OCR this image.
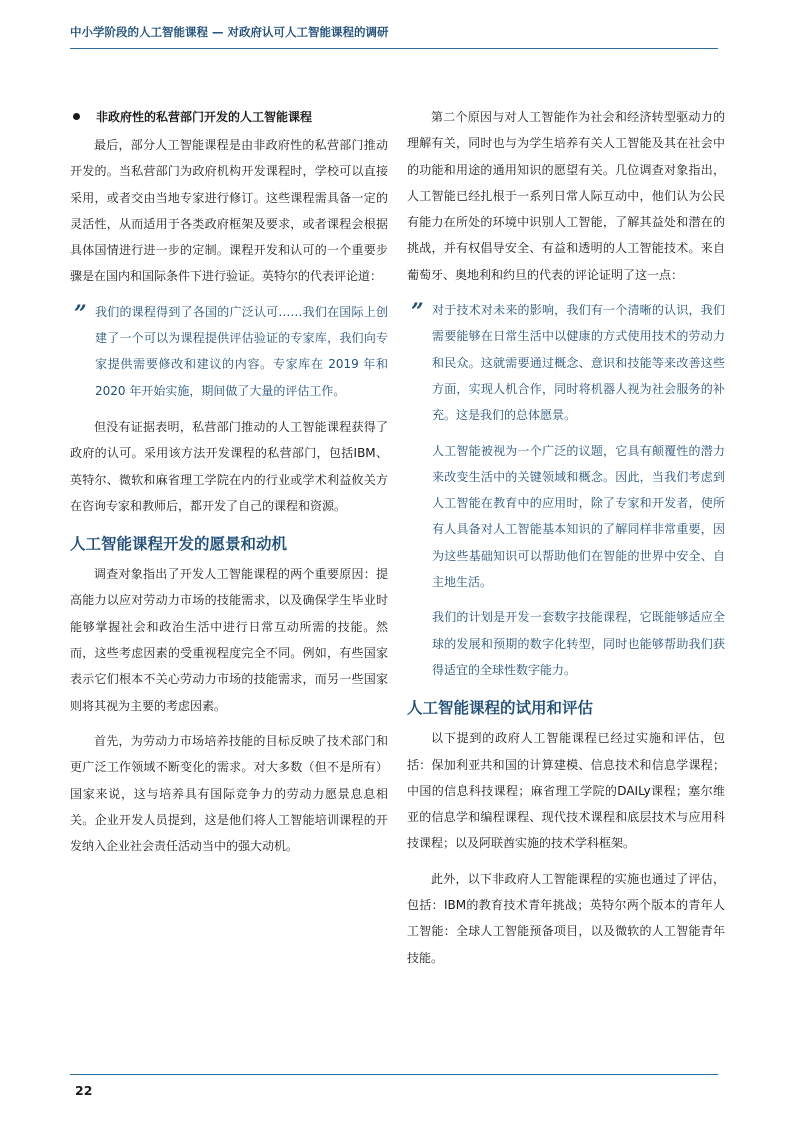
中小学阶段的人工智能课程 — 对政府认可人工智能课程的调研
非政府性的私营部门开发的人工智能课程

最后，部分人工智能课程是由非政府性的私营部门推动开发的。当私营部门为政府机构开发课程时，学校可以直接采用，或者交由当地专家进行修订。这些课程需具备一定的灵活性，从而适用于各类政府框架及要求，或者课程会根据具体国情进行进一步的定制。课程开发和认可的一个重要步骤是在国内和国际条件下进行验证。英特尔的代表评论道：

” 我们的课程得到了各国的广泛认可……我们在国际上创建了一个可以为课程提供评估验证的专家库，我们向专家提供需要修改和建议的内容。专家库在 2019 年和 2020 年开始实施，期间做了大量的评估工作。

但没有证据表明，私营部门推动的人工智能课程获得了政府的认可。采用该方法开发课程的私营部门，包括IBM、英特尔、微软和麻省理工学院在内的行业或学术利益攸关方在咨询专家和教师后，都开发了自己的课程和资源。

人工智能课程开发的愿景和动机

调查对象指出了开发人工智能课程的两个重要原因：提高能力以应对劳动力市场的技能需求，以及确保学生毕业时能够掌握社会和政治生活中进行日常互动所需的技能。然而，这些考虑因素的受重视程度完全不同。例如，有些国家表示它们根本不关心劳动力市场的技能需求，而另一些国家则将其视为主要的考虑因素。

首先，为劳动力市场培养技能的目标反映了技术部门和更广泛工作领域不断变化的需求。对大多数（但不是所有）国家来说，这与培养具有国际竞争力的劳动力愿景息息相关。企业开发人员提到，这是他们将人工智能培训课程的开发纳入企业社会责任活动当中的强大动机。

第二个原因与对人工智能作为社会和经济转型驱动力的理解有关，同时也与为学生培养有关人工智能及其在社会中的功能和用途的通用知识的愿望有关。几位调查对象指出，人工智能已经扎根于一系列日常人际互动中，他们认为公民有能力在所处的环境中识别人工智能，了解其益处和潜在的挑战，并有权倡导安全、有益和透明的人工智能技术。来自葡萄牙、奥地利和约旦的代表的评论证明了这一点：

” 对于技术对未来的影响，我们有一个清晰的认识，我们需要能够在日常生活中以健康的方式使用技术的劳动力和民众。这就需要通过概念、意识和技能等来改善这些方面，实现人机合作，同时将机器人视为社会服务的补充。这是我们的总体愿景。

人工智能被视为一个广泛的议题，它具有颠覆性的潜力来改变生活中的关键领域和概念。因此，当我们考虑到人工智能在教育中的应用时，除了专家和开发者，使所有人具备对人工智能基本知识的了解同样非常重要，因为这些基础知识可以帮助他们在智能的世界中安全、自主地生活。

我们的计划是开发一套数字技能课程，它既能够适应全球的发展和预期的数字化转型，同时也能够帮助我们获得适宜的全球性数字能力。

人工智能课程的试用和评估

以下提到的政府人工智能课程已经过实施和评估，包括：保加利亚共和国的计算建模、信息技术和信息学课程；中国的信息科技课程；麻省理工学院的DAILy课程；塞尔维亚的信息学和编程课程、现代技术课程和底层技术与应用科技课程；以及阿联酋实施的技术学科框架。

此外，以下非政府人工智能课程的实施也通过了评估，包括：IBM的教育技术青年挑战；英特尔两个版本的青年人工智能：全球人工智能预备项目，以及微软的人工智能青年技能。

22
